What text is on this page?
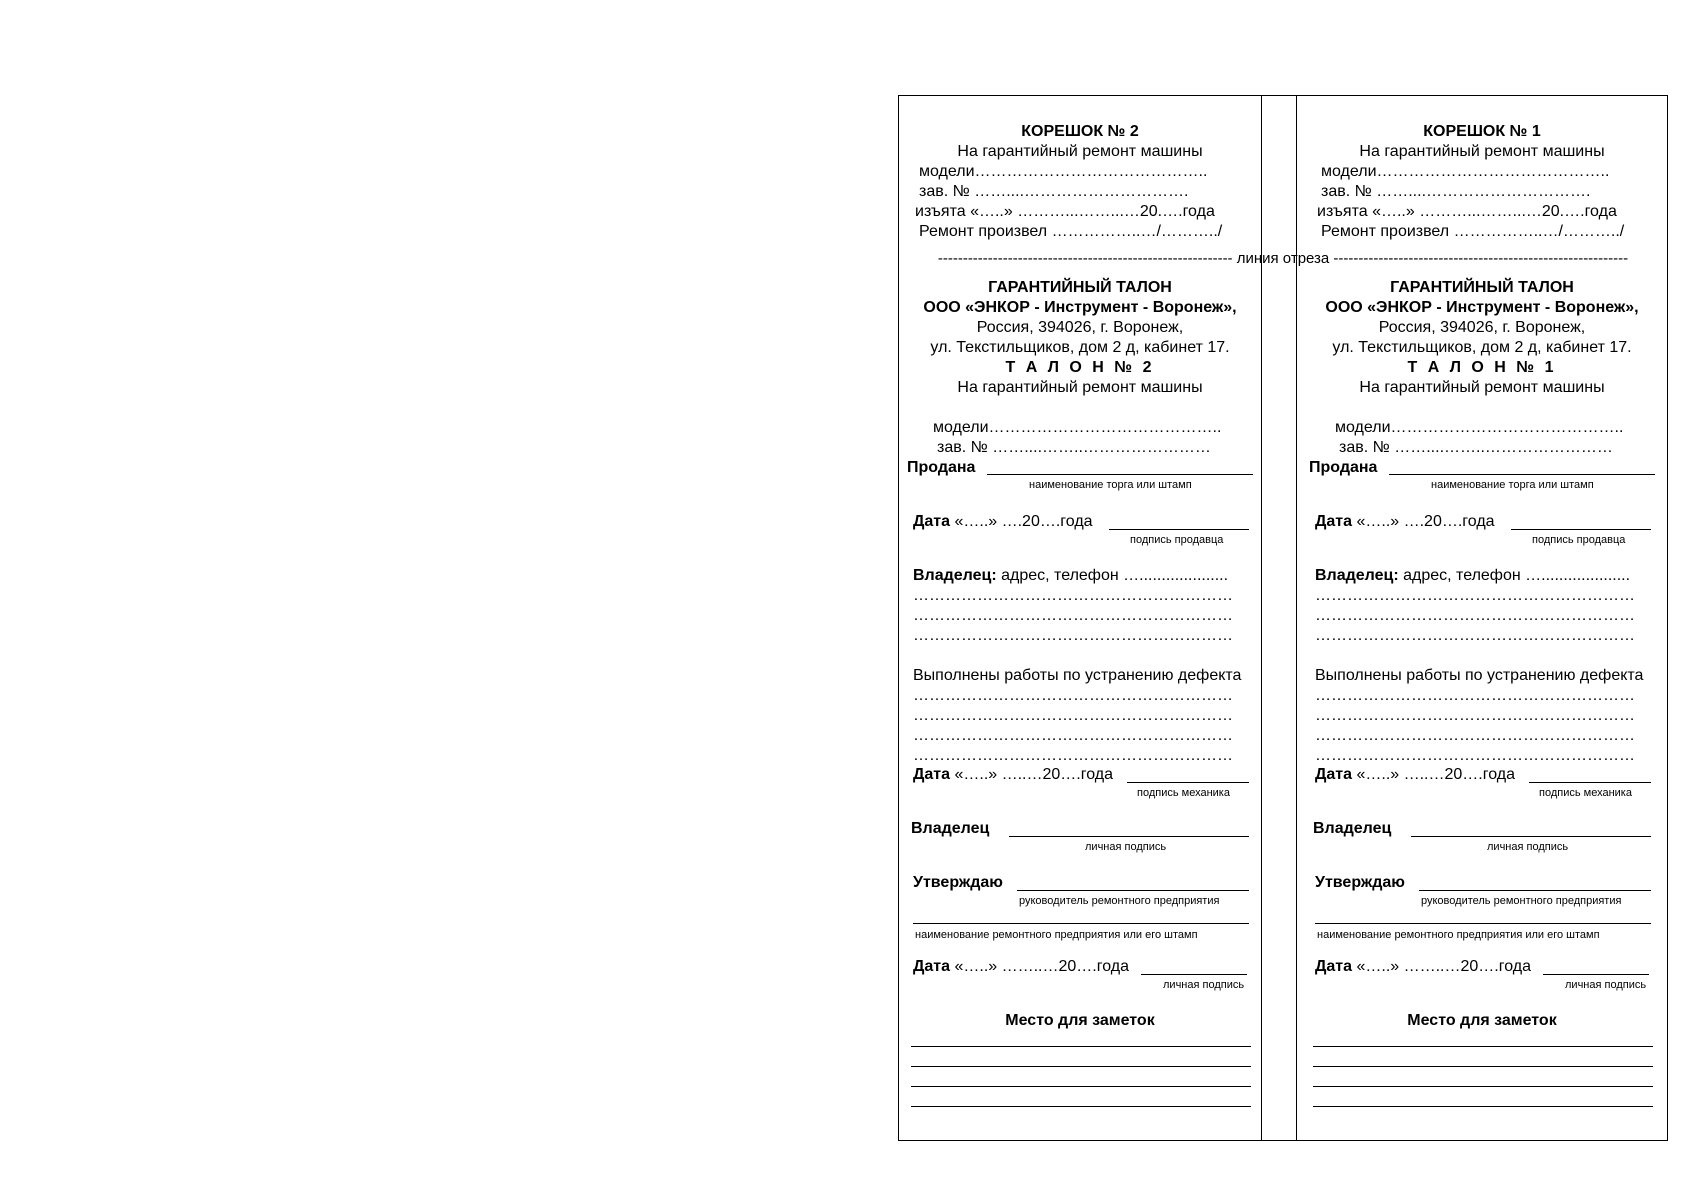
----------------------------------------------------------- линия отреза -----------------------------------------------------------
КОРЕШОК № 2
На гарантийный ремонт машины
модели……………………………………..
зав. № ……....………………………….
изъята «…..» ………...……...…20.….года
Ремонт произвел ……………..…/………../
ГАРАНТИЙНЫЙ ТАЛОН
ООО «ЭНКОР - Инструмент - Воронеж»,
Россия, 394026, г. Воронеж,
ул. Текстильщиков, дом 2 д, кабинет 17.
Т А Л О Н № 2
На гарантийный ремонт машины
модели……………………………………..
зав. № ……....……..……………………
Продана
наименование торга или штамп
Дата «…..» ….20….года
подпись продавца
Владелец: адрес, телефон …....................
……………………………………………………
……………………………………………………
……………………………………………………
Выполнены работы по устранению дефекта
……………………………………………………
……………………………………………………
……………………………………………………
……………………………………………………
Дата «…..» …..…20….года
подпись механика
Владелец
личная подпись
Утверждаю
руководитель ремонтного предприятия
наименование ремонтного предприятия или его штамп
Дата «…..» ……..…20….года
личная подпись
Место для заметок
КОРЕШОК № 1
На гарантийный ремонт машины
модели……………………………………..
зав. № ……....………………………….
изъята «…..» ………...……...…20.….года
Ремонт произвел ……………..…/………../
ГАРАНТИЙНЫЙ ТАЛОН
ООО «ЭНКОР - Инструмент - Воронеж»,
Россия, 394026, г. Воронеж,
ул. Текстильщиков, дом 2 д, кабинет 17.
Т А Л О Н № 1
На гарантийный ремонт машины
модели……………………………………..
зав. № ……....……..……………………
Продана
наименование торга или штамп
Дата «…..» ….20….года
подпись продавца
Владелец: адрес, телефон …....................
……………………………………………………
……………………………………………………
……………………………………………………
Выполнены работы по устранению дефекта
……………………………………………………
……………………………………………………
……………………………………………………
……………………………………………………
Дата «…..» …..…20….года
подпись механика
Владелец
личная подпись
Утверждаю
руководитель ремонтного предприятия
наименование ремонтного предприятия или его штамп
Дата «…..» ……..…20….года
личная подпись
Место для заметок
